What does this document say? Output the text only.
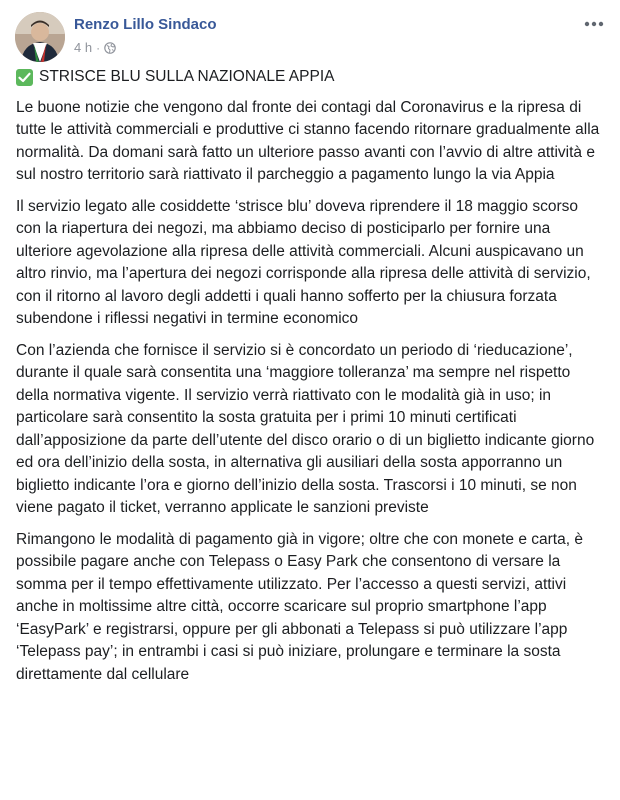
Renzo Lillo Sindaco
4 h ·
STRISCE BLU SULLA NAZIONALE APPIA

Le buone notizie che vengono dal fronte dei contagi dal Coronavirus e la ripresa di tutte le attività commerciali e produttive ci stanno facendo ritornare gradualmente alla normalità. Da domani sarà fatto un ulteriore passo avanti con l’avvio di altre attività e sul nostro territorio sarà riattivato il parcheggio a pagamento lungo la via Appia

Il servizio legato alle cosiddette ‘strisce blu’ doveva riprendere il 18 maggio scorso con la riapertura dei negozi, ma abbiamo deciso di posticiparlo per fornire una ulteriore agevolazione alla ripresa delle attività commerciali. Alcuni auspicavano un altro rinvio, ma l’apertura dei negozi corrisponde alla ripresa delle attività di servizio, con il ritorno al lavoro degli addetti i quali hanno sofferto per la chiusura forzata subendone i riflessi negativi in termine economico

Con l’azienda che fornisce il servizio si è concordato un periodo di ‘rieducazione’, durante il quale sarà consentita una ‘maggiore tolleranza’ ma sempre nel rispetto della normativa vigente. Il servizio verrà riattivato con le modalità già in uso; in particolare sarà consentito la sosta gratuita per i primi 10 minuti certificati dall’apposizione da parte dell’utente del disco orario o di un biglietto indicante giorno ed ora dell’inizio della sosta, in alternativa gli ausiliari della sosta apporranno un biglietto indicante l’ora e giorno dell’inizio della sosta. Trascorsi i 10 minuti, se non viene pagato il ticket, verranno applicate le sanzioni previste

Rimangono le modalità di pagamento già in vigore; oltre che con monete e carta, è possibile pagare anche con Telepass o Easy Park che consentono di versare la somma per il tempo effettivamente utilizzato. Per l’accesso a questi servizi, attivi anche in moltissime altre città, occorre scaricare sul proprio smartphone l’app ‘EasyPark’ e registrarsi, oppure per gli abbonati a Telepass si può utilizzare l’app ‘Telepass pay’; in entrambi i casi si può iniziare, prolungare e terminare la sosta direttamente dal cellulare
